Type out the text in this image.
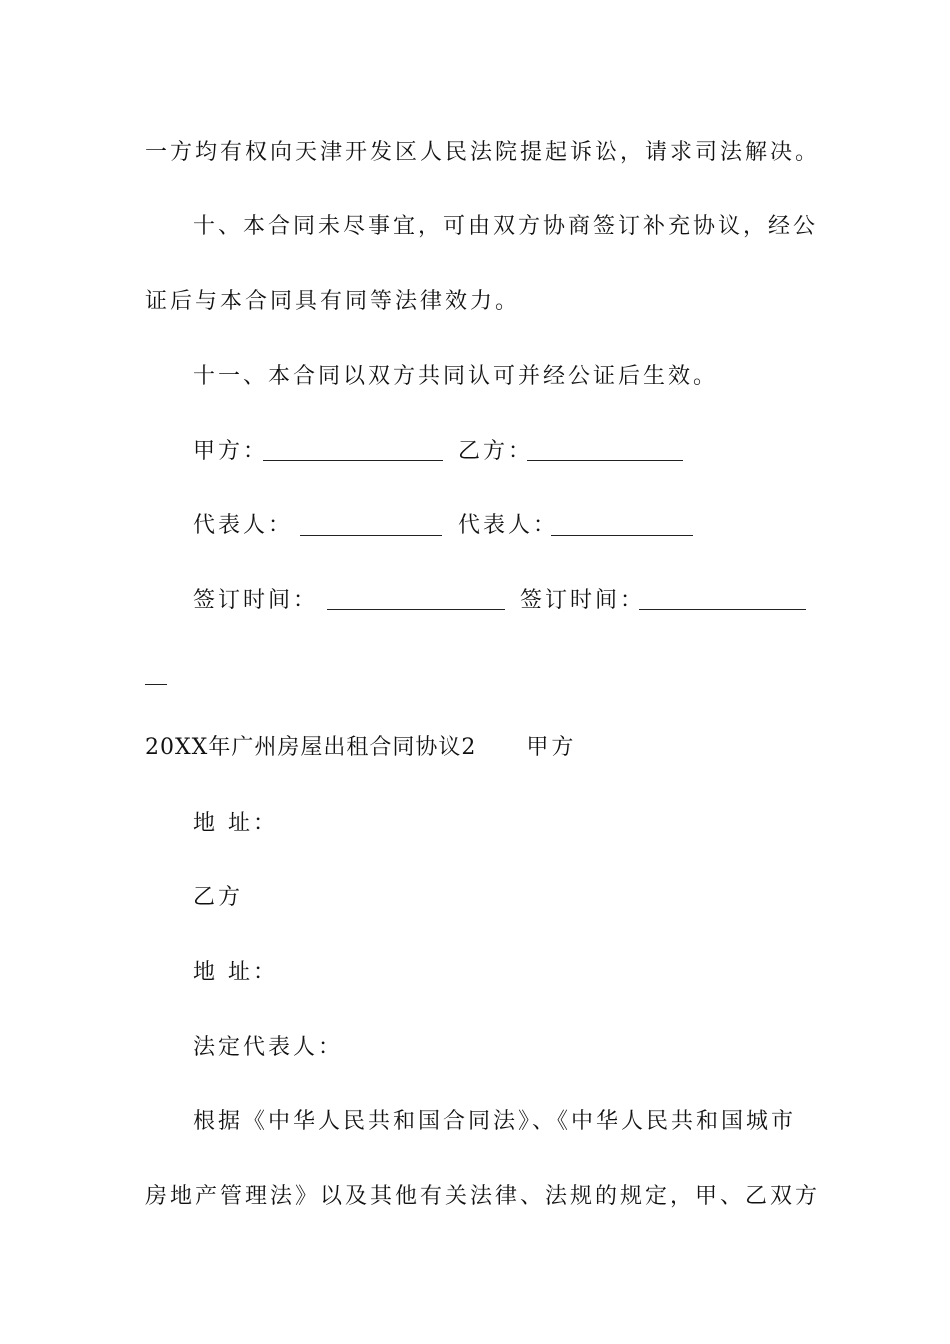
一方均有权向天津开发区人民法院提起诉讼，请求司法解决。
十、本合同未尽事宜，可由双方协商签订补充协议，经公
证后与本合同具有同等法律效力。
十一、本合同以双方共同认可并经公证后生效。
甲方：	乙方：
代表人：	代表人：
签订时间：	签订时间：
20XX年广州房屋出租合同协议2 甲方
地 址：
乙方
地 址：
法定代表人：
根据《中华人民共和国合同法》、《中华人民共和国城市
房地产管理法》以及其他有关法律、法规的规定，甲、乙双方
